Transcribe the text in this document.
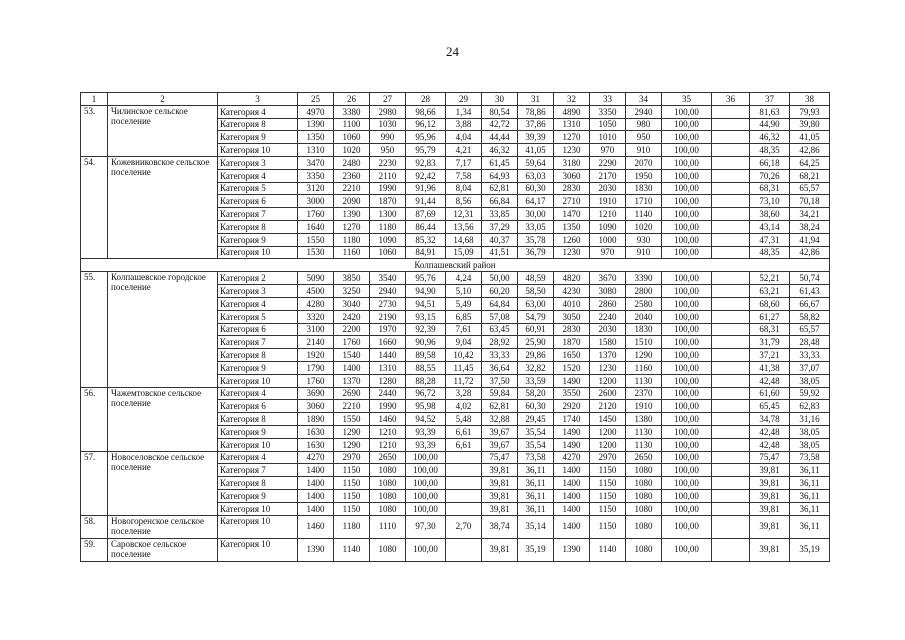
24
1	2	3	25	26	27	28	29	30	31	32	33	34	35	36	37	38
53.	Чилинское сельское поселение	Категория 4	4970	3380	2980	98,66	1,34	80,54	78,86	4890	3350	2940	100,00		81,63	79,93
		Категория 8	1390	1100	1030	96,12	3,88	42,72	37,86	1310	1050	980	100,00		44,90	39,80
		Категория 9	1350	1060	990	95,96	4,04	44,44	39,39	1270	1010	950	100,00		46,32	41,05
		Категория 10	1310	1020	950	95,79	4,21	46,32	41,05	1230	970	910	100,00		48,35	42,86
54.	Кожевниковское сельское поселение	Категория 3	3470	2480	2230	92,83	7,17	61,45	59,64	3180	2290	2070	100,00		66,18	64,25
		Категория 4	3350	2360	2110	92,42	7,58	64,93	63,03	3060	2170	1950	100,00		70,26	68,21
		Категория 5	3120	2210	1990	91,96	8,04	62,81	60,30	2830	2030	1830	100,00		68,31	65,57
		Категория 6	3000	2090	1870	91,44	8,56	66,84	64,17	2710	1910	1710	100,00		73,10	70,18
		Категория 7	1760	1390	1300	87,69	12,31	33,85	30,00	1470	1210	1140	100,00		38,60	34,21
		Категория 8	1640	1270	1180	86,44	13,56	37,29	33,05	1350	1090	1020	100,00		43,14	38,24
		Категория 9	1550	1180	1090	85,32	14,68	40,37	35,78	1260	1000	930	100,00		47,31	41,94
		Категория 10	1530	1160	1060	84,91	15,09	41,51	36,79	1230	970	910	100,00		48,35	42,86
Колпашевский район																
55.	Колпашевское городское поселение	Категория 2	5090	3850	3540	95,76	4,24	50,00	48,59	4820	3670	3390	100,00		52,21	50,74
		Категория 3	4500	3250	2940	94,90	5,10	60,20	58,50	4230	3080	2800	100,00		63,21	61,43
		Категория 4	4280	3040	2730	94,51	5,49	64,84	63,00	4010	2860	2580	100,00		68,60	66,67
		Категория 5	3320	2420	2190	93,15	6,85	57,08	54,79	3050	2240	2040	100,00		61,27	58,82
		Категория 6	3100	2200	1970	92,39	7,61	63,45	60,91	2830	2030	1830	100,00		68,31	65,57
		Категория 7	2140	1760	1660	90,96	9,04	28,92	25,90	1870	1580	1510	100,00		31,79	28,48
		Категория 8	1920	1540	1440	89,58	10,42	33,33	29,86	1650	1370	1290	100,00		37,21	33,33
		Категория 9	1790	1400	1310	88,55	11,45	36,64	32,82	1520	1230	1160	100,00		41,38	37,07
		Категория 10	1760	1370	1280	88,28	11,72	37,50	33,59	1490	1200	1130	100,00		42,48	38,05
56.	Чажемтовское сельское поселение	Категория 4	3690	2690	2440	96,72	3,28	59,84	58,20	3550	2600	2370	100,00		61,60	59,92
		Категория 6	3060	2210	1990	95,98	4,02	62,81	60,30	2920	2120	1910	100,00		65,45	62,83
		Категория 8	1890	1550	1460	94,52	5,48	32,88	29,45	1740	1450	1380	100,00		34,78	31,16
		Категория 9	1630	1290	1210	93,39	6,61	39,67	35,54	1490	1200	1130	100,00		42,48	38,05
		Категория 10	1630	1290	1210	93,39	6,61	39,67	35,54	1490	1200	1130	100,00		42,48	38,05
57.	Новоселовское сельское поселение	Категория 4	4270	2970	2650	100,00		75,47	73,58	4270	2970	2650	100,00		75,47	73,58
		Категория 7	1400	1150	1080	100,00		39,81	36,11	1400	1150	1080	100,00		39,81	36,11
		Категория 8	1400	1150	1080	100,00		39,81	36,11	1400	1150	1080	100,00		39,81	36,11
		Категория 9	1400	1150	1080	100,00		39,81	36,11	1400	1150	1080	100,00		39,81	36,11
		Категория 10	1400	1150	1080	100,00		39,81	36,11	1400	1150	1080	100,00		39,81	36,11
58.	Новогоренское сельское поселение	Категория 10	1460	1180	1110	97,30	2,70	38,74	35,14	1400	1150	1080	100,00		39,81	36,11
59.	Саровское сельское поселение	Категория 10	1390	1140	1080	100,00		39,81	35,19	1390	1140	1080	100,00		39,81	35,19
